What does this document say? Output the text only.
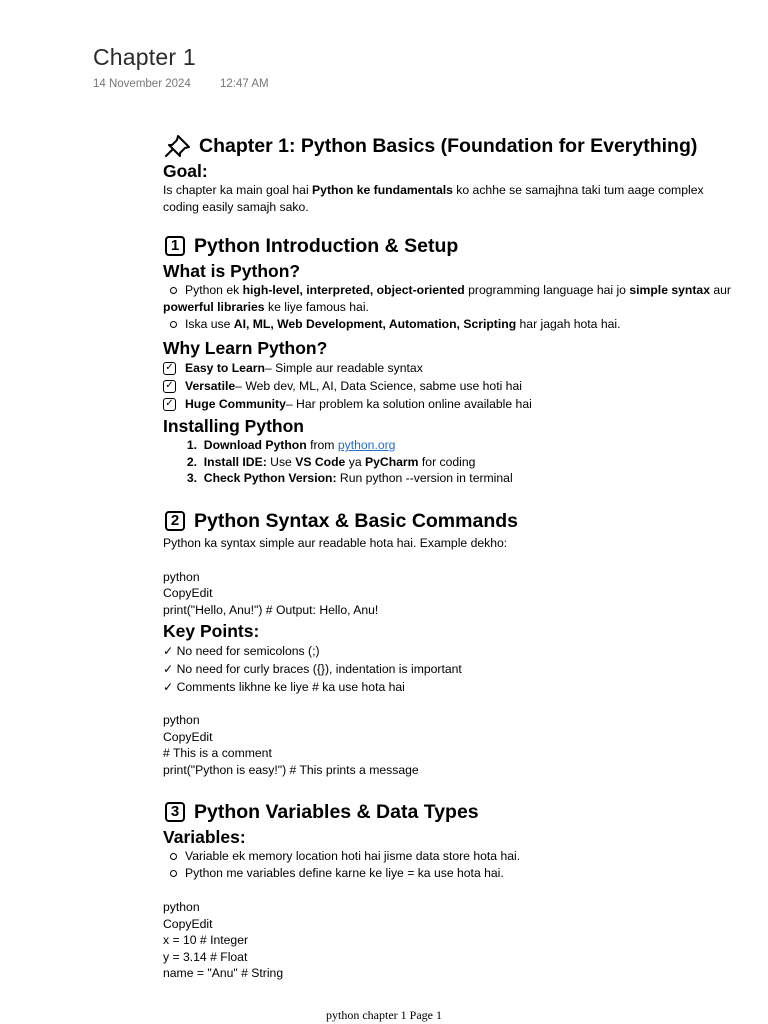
Chapter 1
14 November 2024	12:47 AM
Chapter 1: Python Basics (Foundation for Everything)
Goal:

Is chapter ka main goal hai Python ke fundamentals ko achhe se samajhna taki tum aage complex

coding easily samajh sako.

1 Python Introduction & Setup
What is Python?
Python ek high-level, interpreted, object-oriented programming language hai jo simple syntax aur

powerful libraries ke liye famous hai.

Iska use AI, ML, Web Development, Automation, Scripting har jagah hota hai.
Why Learn Python?
✓ Easy to Learn – Simple aur readable syntax
✓ Versatile – Web dev, ML, AI, Data Science, sabme use hoti hai
✓ Huge Community – Har problem ka solution online available hai
Installing Python
1. Download Python from python.org
2. Install IDE: Use VS Code ya PyCharm for coding
3. Check Python Version: Run python --version in terminal
2 Python Syntax & Basic Commands

Python ka syntax simple aur readable hota hai. Example dekho:

python
CopyEdit
print("Hello, Anu!") # Output: Hello, Anu!
Key Points:
✓ No need for semicolons (;)
✓ No need for curly braces ({}), indentation is important
✓ Comments likhne ke liye # ka use hota hai
python
CopyEdit
# This is a comment
print("Python is easy!") # This prints a message
3 Python Variables & Data Types
Variables:
Variable ek memory location hoti hai jisme data store hota hai.
Python me variables define karne ke liye = ka use hota hai.
python
CopyEdit
x = 10 # Integer
y = 3.14 # Float
name = "Anu" # String
python chapter 1 Page 1
